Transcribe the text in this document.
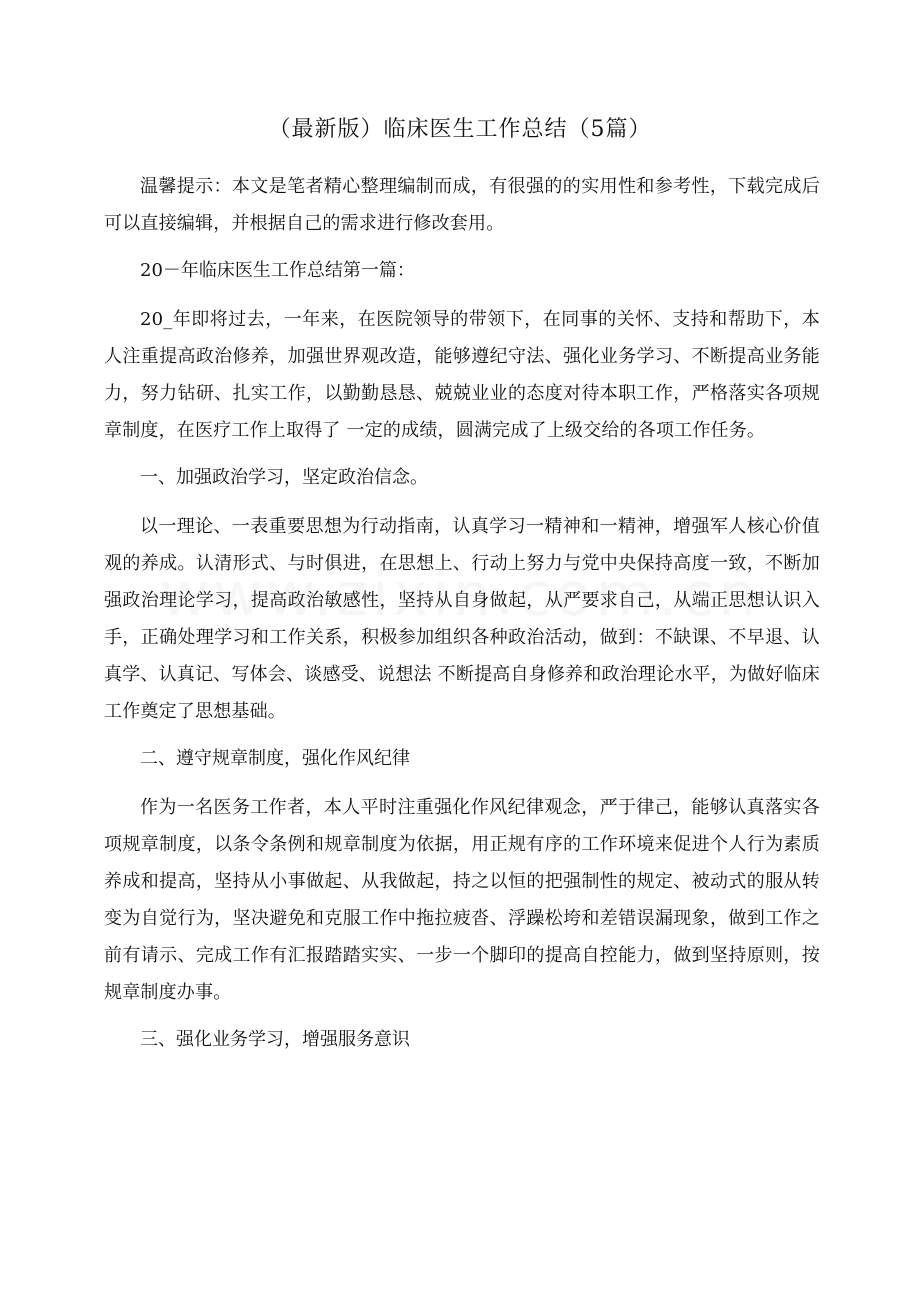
（最新版）临床医生工作总结（5篇）

温馨提示：本文是笔者精心整理编制而成，有很强的的实用性和参考性，下载完成后可以直接编辑，并根据自己的需求进行修改套用。

20－年临床医生工作总结第一篇：

20_年即将过去，一年来，在医院领导的带领下，在同事的关怀、支持和帮助下，本人注重提高政治修养，加强世界观改造，能够遵纪守法、强化业务学习、不断提高业务能力，努力钻研、扎实工作，以勤勤恳恳、兢兢业业的态度对待本职工作，严格落实各项规章制度，在医疗工作上取得了 一定的成绩，圆满完成了上级交给的各项工作任务。

一、加强政治学习，坚定政治信念。

以一理论、一表重要思想为行动指南，认真学习一精神和一精神，增强军人核心价值观的养成。认清形式、与时俱进，在思想上、行动上努力与党中央保持高度一致，不断加强政治理论学习，提高政治敏感性，坚持从自身做起，从严要求自己，从端正思想认识入手，正确处理学习和工作关系，积极参加组织各种政治活动，做到：不缺课、不早退、认真学、认真记、写体会、谈感受、说想法 不断提高自身修养和政治理论水平，为做好临床工作奠定了思想基础。

二、遵守规章制度，强化作风纪律

作为一名医务工作者，本人平时注重强化作风纪律观念，严于律己，能够认真落实各项规章制度，以条令条例和规章制度为依据，用正规有序的工作环境来促进个人行为素质养成和提高，坚持从小事做起、从我做起，持之以恒的把强制性的规定、被动式的服从转变为自觉行为，坚决避免和克服工作中拖拉疲沓、浮躁松垮和差错误漏现象，做到工作之前有请示、完成工作有汇报踏踏实实、一步一个脚印的提高自控能力，做到坚持原则，按规章制度办事。

三、强化业务学习，增强服务意识
